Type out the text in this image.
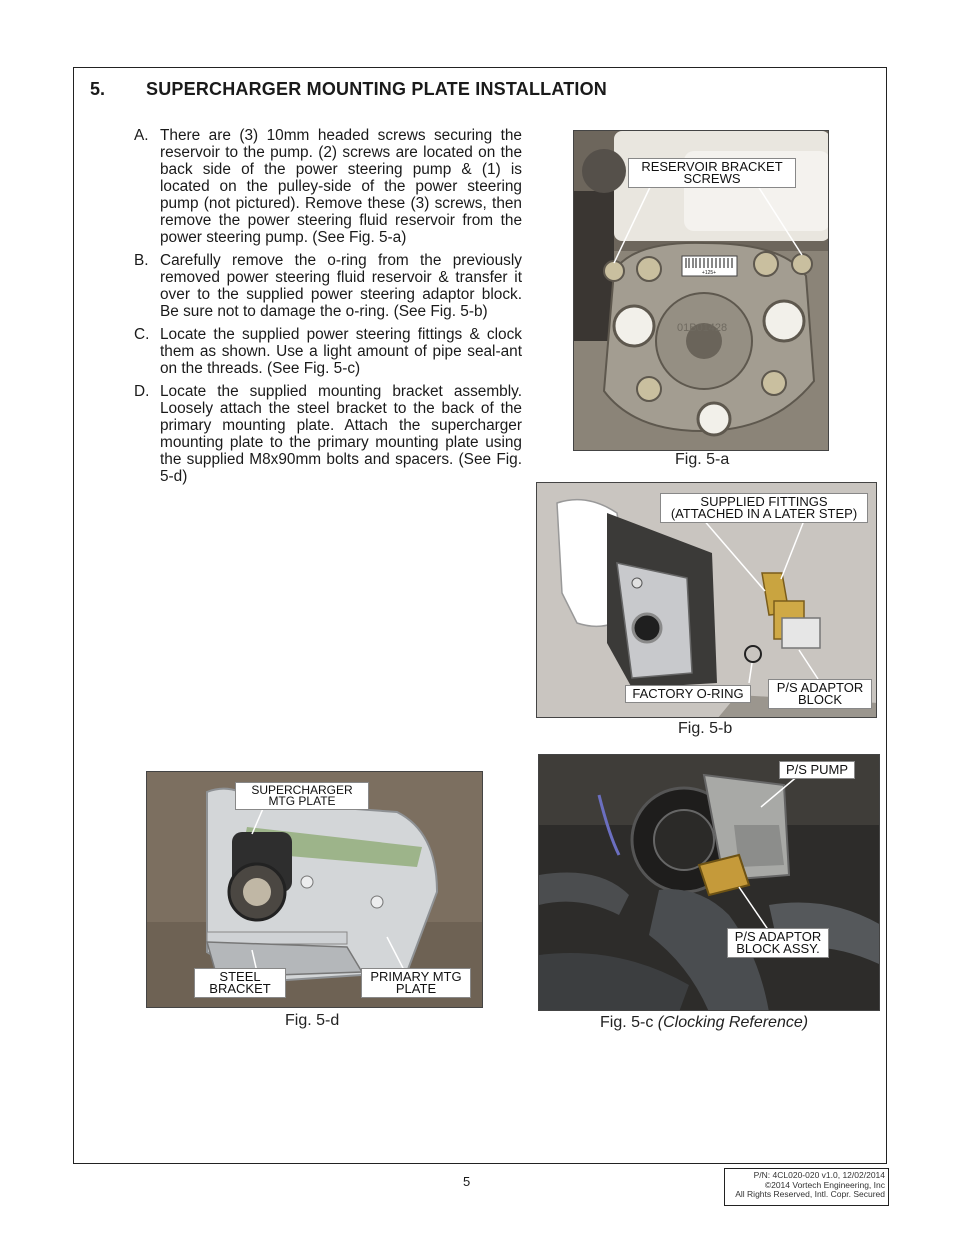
5. SUPERCHARGER MOUNTING PLATE INSTALLATION
A. There are (3) 10mm headed screws securing the reservoir to the pump. (2) screws are located on the back side of the power steering pump & (1) is located on the pulley-side of the power steering pump (not pictured). Remove these (3) screws, then remove the power steering fluid reservoir from the power steering pump. (See Fig. 5-a)
B. Carefully remove the o-ring from the previously removed power steering fluid reservoir & transfer it over to the supplied power steering adaptor block. Be sure not to damage the o-ring. (See Fig. 5-b)
C. Locate the supplied power steering fittings & clock them as shown. Use a light amount of pipe seal-ant on the threads. (See Fig. 5-c)
D. Locate the supplied mounting bracket assembly. Loosely attach the steel bracket to the back of the primary mounting plate. Attach the supercharger mounting plate to the primary mounting plate using the supplied M8x90mm bolts and spacers. (See Fig. 5-d)
+125+
01B01428
RESERVOIR BRACKET SCREWS
Fig. 5-a
SUPPLIED FITTINGS (ATTACHED IN A LATER STEP)
FACTORY O-RING	P/S ADAPTOR BLOCK
Fig. 5-b
SUPERCHARGER MTG PLATE
STEEL BRACKET
PRIMARY MTG PLATE
Fig. 5-d
P/S PUMP
P/S ADAPTOR BLOCK ASSY.
Fig. 5-c (Clocking Reference)
5	P/N: 4CL020-020 v1.0, 12/02/2014
©2014 Vortech Engineering, Inc
All Rights Reserved, Intl. Copr. Secured
